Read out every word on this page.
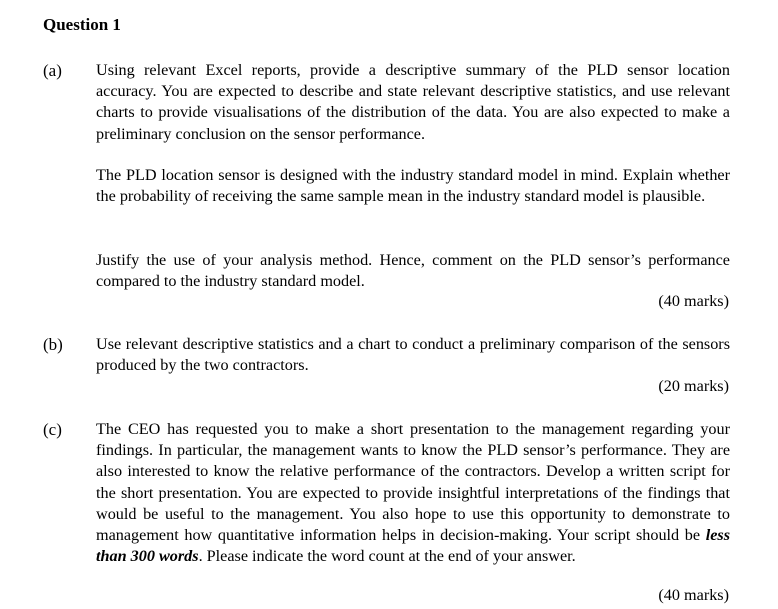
Question 1
(a) Using relevant Excel reports, provide a descriptive summary of the PLD sensor location accuracy. You are expected to describe and state relevant descriptive statistics, and use relevant charts to provide visualisations of the distribution of the data. You are also expected to make a preliminary conclusion on the sensor performance.

The PLD location sensor is designed with the industry standard model in mind. Explain whether the probability of receiving the same sample mean in the industry standard model is plausible.

Justify the use of your analysis method. Hence, comment on the PLD sensor’s performance compared to the industry standard model.

(40 marks)
(b) Use relevant descriptive statistics and a chart to conduct a preliminary comparison of the sensors produced by the two contractors.

(20 marks)
(c) The CEO has requested you to make a short presentation to the management regarding your findings. In particular, the management wants to know the PLD sensor’s performance. They are also interested to know the relative performance of the contractors. Develop a written script for the short presentation. You are expected to provide insightful interpretations of the findings that would be useful to the management. You also hope to use this opportunity to demonstrate to management how quantitative information helps in decision-making. Your script should be less than 300 words. Please indicate the word count at the end of your answer.

(40 marks)
